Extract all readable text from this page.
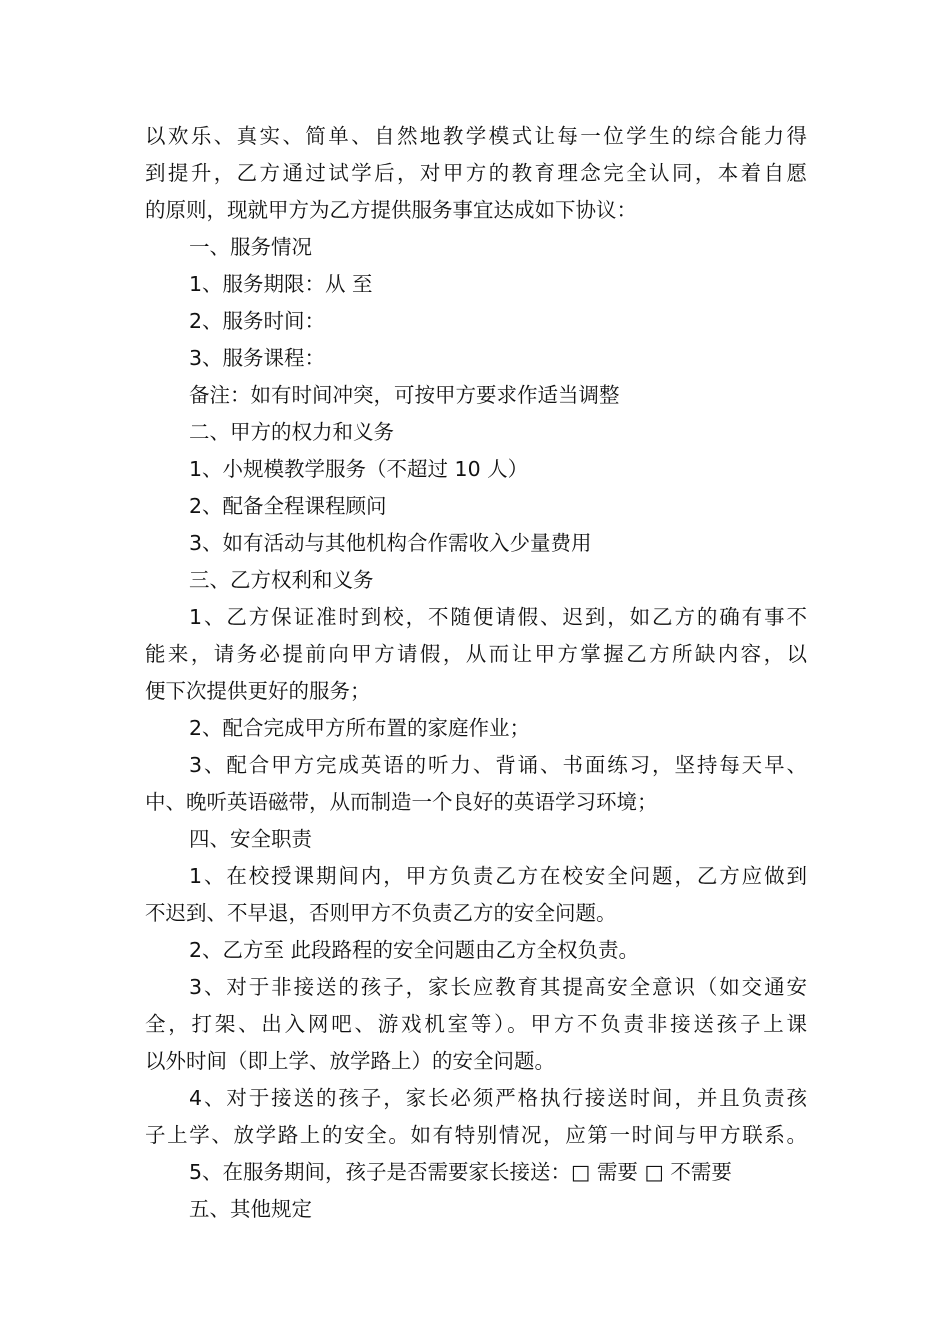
以欢乐、真实、简单、自然地教学模式让每一位学生的综合能力得
到提升，乙方通过试学后，对甲方的教育理念完全认同，本着自愿
的原则，现就甲方为乙方提供服务事宜达成如下协议：
一、服务情况
1、服务期限：从 至
2、服务时间：
3、服务课程：
备注：如有时间冲突，可按甲方要求作适当调整
二、甲方的权力和义务
1、小规模教学服务（不超过 10 人）
2、配备全程课程顾问
3、如有活动与其他机构合作需收入少量费用
三、乙方权利和义务
1、乙方保证准时到校，不随便请假、迟到，如乙方的确有事不
能来，请务必提前向甲方请假，从而让甲方掌握乙方所缺内容，以
便下次提供更好的服务；
2、配合完成甲方所布置的家庭作业；
3、配合甲方完成英语的听力、背诵、书面练习，坚持每天早、
中、晚听英语磁带，从而制造一个良好的英语学习环境；
四、安全职责
1、在校授课期间内，甲方负责乙方在校安全问题，乙方应做到
不迟到、不早退，否则甲方不负责乙方的安全问题。
2、乙方至 此段路程的安全问题由乙方全权负责。
3、对于非接送的孩子，家长应教育其提高安全意识（如交通安
全，打架、出入网吧、游戏机室等）。甲方不负责非接送孩子上课
以外时间（即上学、放学路上）的安全问题。
4、对于接送的孩子，家长必须严格执行接送时间，并且负责孩
子上学、放学路上的安全。如有特别情况，应第一时间与甲方联系。
5、在服务期间，孩子是否需要家长接送：□ 需要 □ 不需要
五、其他规定
